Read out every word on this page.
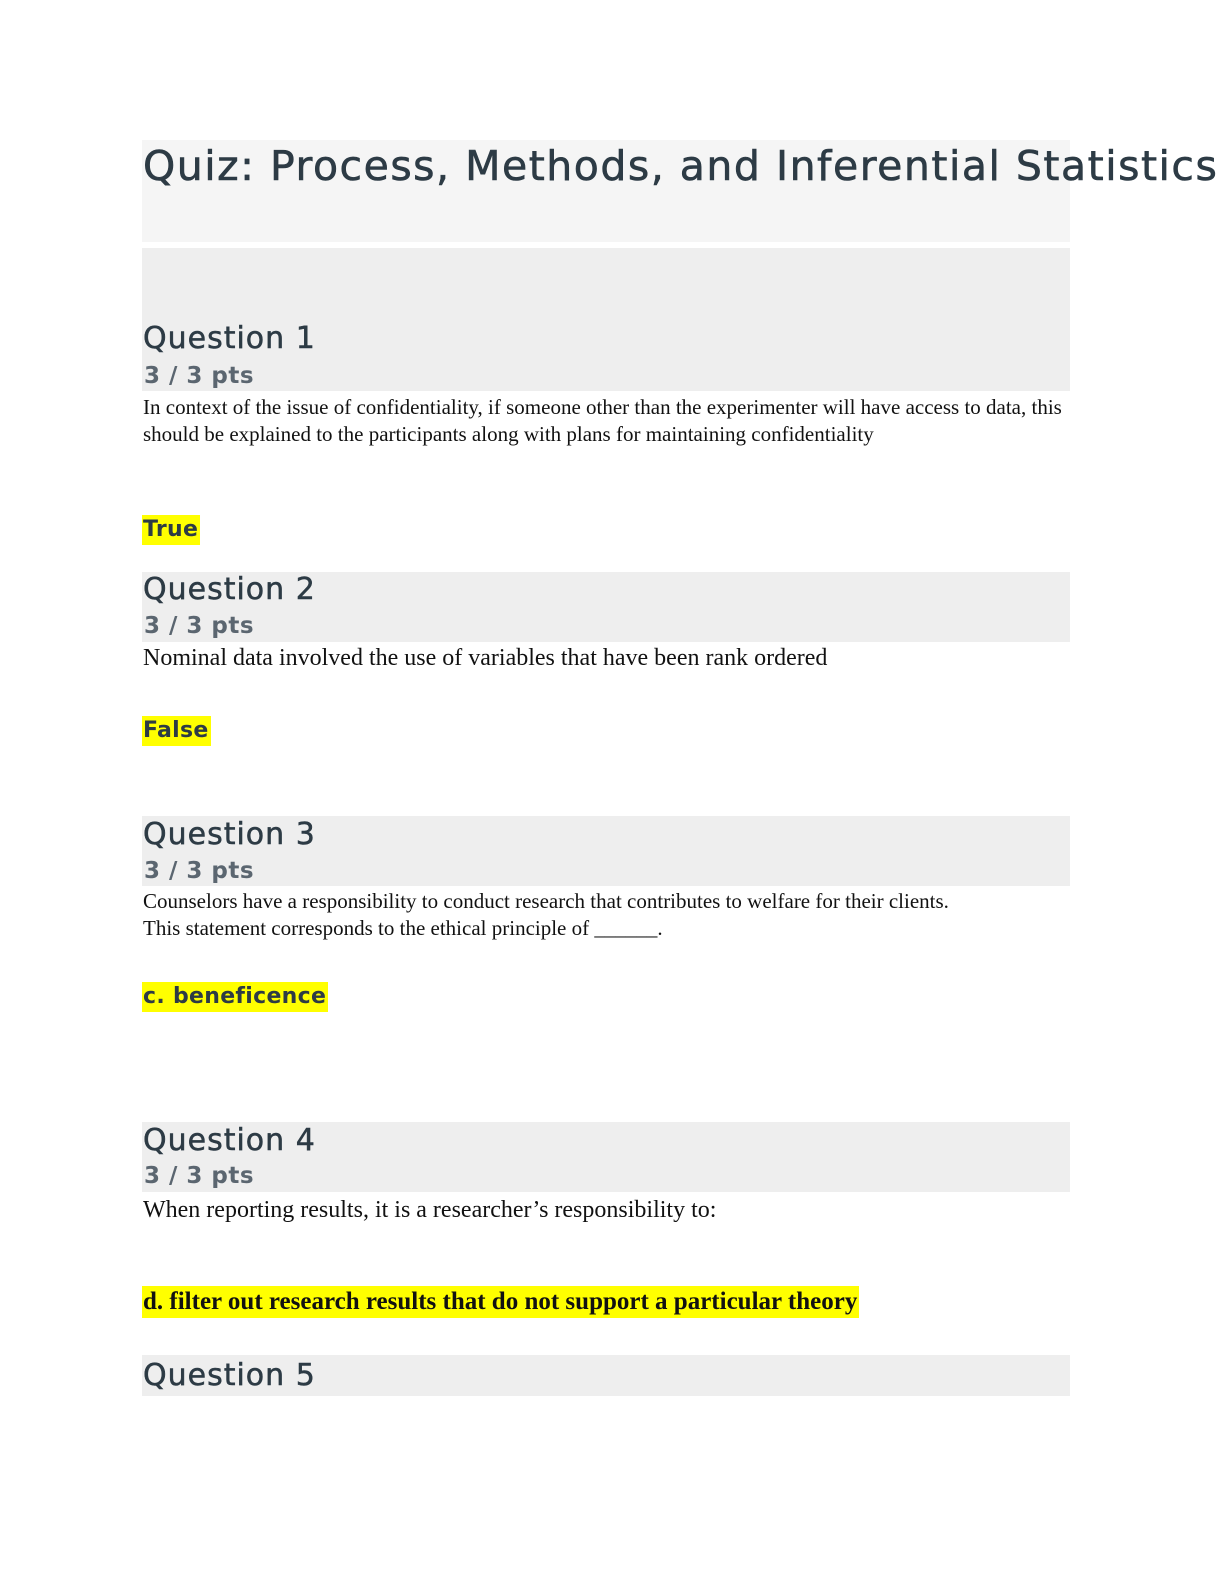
Quiz: Process, Methods, and Inferential Statistics
Question 1
3 / 3 pts

In context of the issue of confidentiality, if someone other than the experimenter will have access to data, this should be explained to the participants along with plans for maintaining confidentiality

True
Question 2
3 / 3 pts

Nominal data involved the use of variables that have been rank ordered

False
Question 3
3 / 3 pts

Counselors have a responsibility to conduct research that contributes to welfare for their clients.

This statement corresponds to the ethical principle of ______.

c. beneficence
Question 4
3 / 3 pts

When reporting results, it is a researcher’s responsibility to:

d. filter out research results that do not support a particular theory
Question 5
